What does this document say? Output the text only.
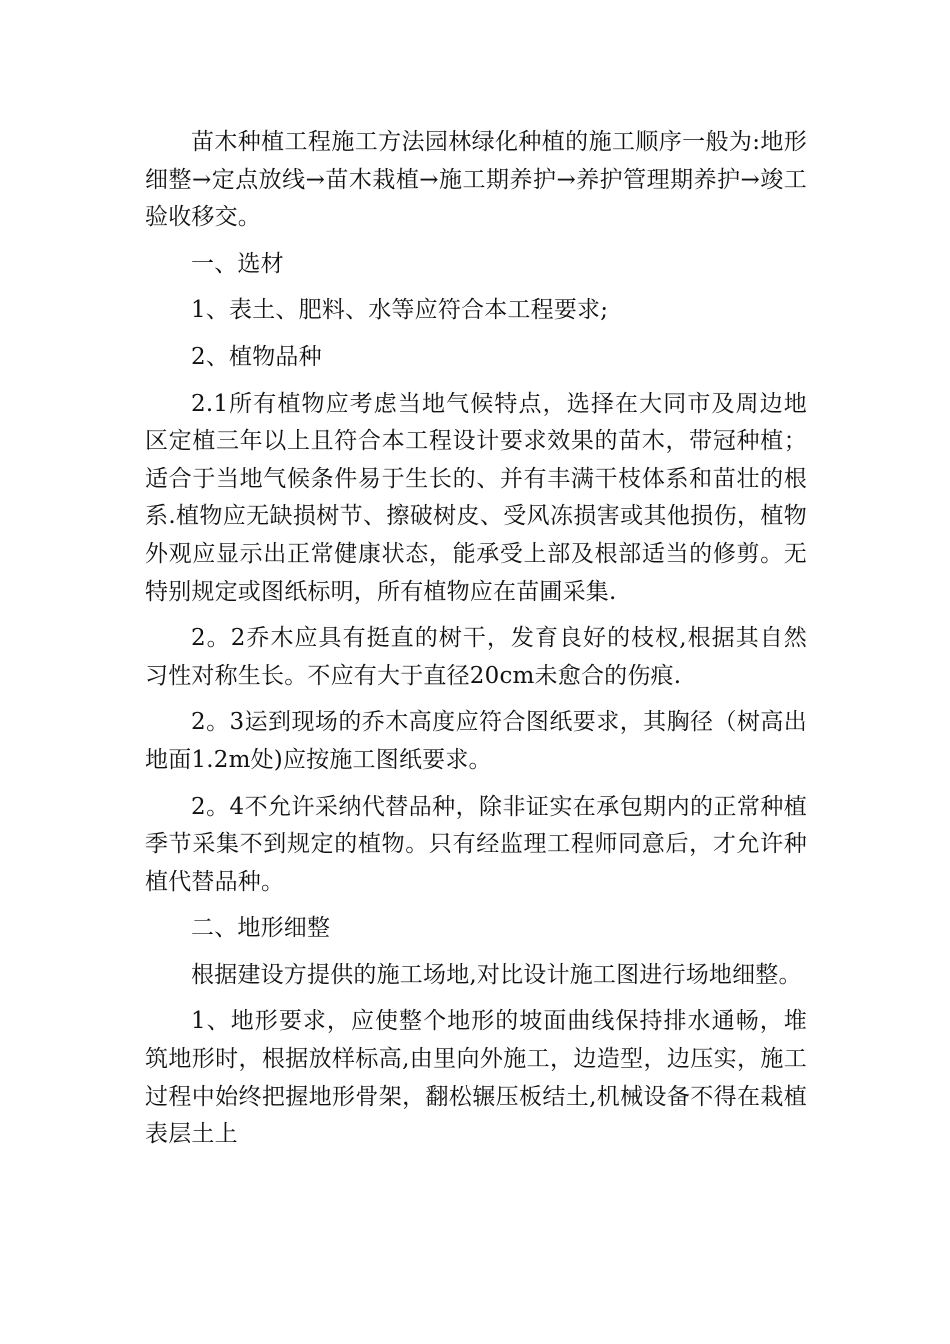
苗木种植工程施工方法园林绿化种植的施工顺序一般为:地形细整→定点放线→苗木栽植→施工期养护→养护管理期养护→竣工验收移交。

一、选材

1、表土、肥料、水等应符合本工程要求;

2、植物品种

2.1所有植物应考虑当地气候特点，选择在大同市及周边地区定植三年以上且符合本工程设计要求效果的苗木，带冠种植；适合于当地气候条件易于生长的、并有丰满干枝体系和苗壮的根系.植物应无缺损树节、擦破树皮、受风冻损害或其他损伤，植物外观应显示出正常健康状态，能承受上部及根部适当的修剪。无特别规定或图纸标明，所有植物应在苗圃采集.

2。2乔木应具有挺直的树干，发育良好的枝杈,根据其自然习性对称生长。不应有大于直径20cm未愈合的伤痕.

2。3运到现场的乔木高度应符合图纸要求，其胸径（树高出地面1.2m处)应按施工图纸要求。

2。4不允许采纳代替品种，除非证实在承包期内的正常种植季节采集不到规定的植物。只有经监理工程师同意后，才允许种植代替品种。

二、地形细整

根据建设方提供的施工场地,对比设计施工图进行场地细整。

1、地形要求，应使整个地形的坡面曲线保持排水通畅，堆筑地形时，根据放样标高,由里向外施工，边造型，边压实，施工过程中始终把握地形骨架，翻松辗压板结土,机械设备不得在栽植表层土上
